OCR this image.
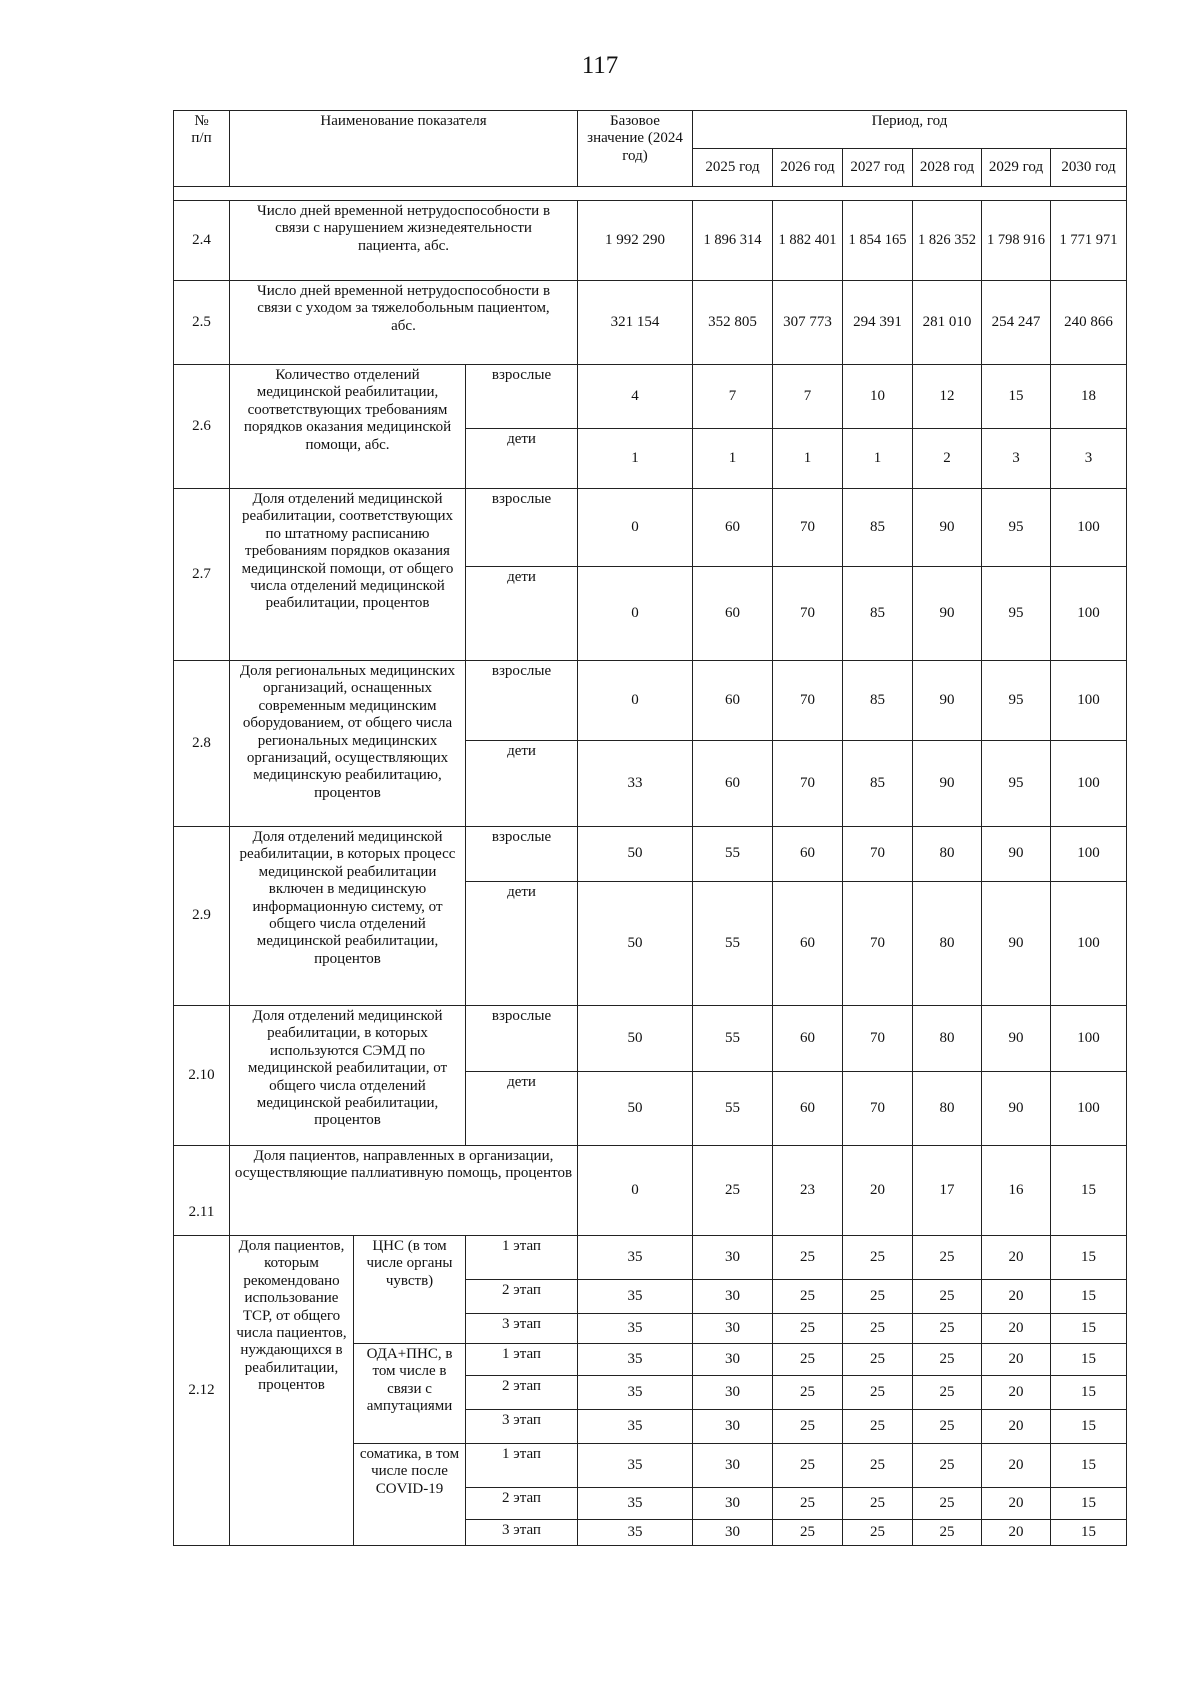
117
№
п/п	Наименование показателя			Базовое значение (2024 год)	Период, год					
					2025 год	2026 год	2027 год	2028 год	2029 год	2030 год

2.4	Число дней временной нетрудоспособности в связи с нарушением жизнедеятельности пациента, абс.			1 992 290	1 896 314	1 882 401	1 854 165	1 826 352	1 798 916	1 771 971
2.5	Число дней временной нетрудоспособности в связи с уходом за тяжелобольным пациентом, абс.			321 154	352 805	307 773	294 391	281 010	254 247	240 866
2.6	Количество отделений медицинской реабилитации, соответствующих требованиям порядков оказания медицинской помощи, абс.		взрослые	4	7	7	10	12	15	18
			дети	1	1	1	1	2	3	3
2.7	Доля отделений медицинской реабилитации, соответствующих по штатному расписанию требованиям порядков оказания медицинской помощи, от общего числа отделений медицинской реабилитации, процентов		взрослые	0	60	70	85	90	95	100
			дети	0	60	70	85	90	95	100
2.8	Доля региональных медицинских организаций, оснащенных современным медицинским оборудованием, от общего числа региональных медицинских организаций, осуществляющих медицинскую реабилитацию, процентов		взрослые	0	60	70	85	90	95	100
			дети	33	60	70	85	90	95	100
2.9	Доля отделений медицинской реабилитации, в которых процесс медицинской реабилитации включен в медицинскую информационную систему, от общего числа отделений медицинской реабилитации, процентов		взрослые	50	55	60	70	80	90	100
			дети	50	55	60	70	80	90	100
2.10	Доля отделений медицинской реабилитации, в которых используются СЭМД по медицинской реабилитации, от общего числа отделений медицинской реабилитации, процентов		взрослые	50	55	60	70	80	90	100
			дети	50	55	60	70	80	90	100
2.11	Доля пациентов, направленных в организации, осуществляющие паллиативную помощь, процентов			0	25	23	20	17	16	15
2.12	Доля пациентов, которым рекомендовано использование ТСР, от общего числа пациентов, нуждающихся в реабилитации, процентов	ЦНС (в том числе органы чувств)	1 этап	35	30	25	25	25	20	15
			2 этап	35	30	25	25	25	20	15
			3 этап	35	30	25	25	25	20	15
		ОДА+ПНС, в том числе в связи с ампутациями	1 этап	35	30	25	25	25	20	15
			2 этап	35	30	25	25	25	20	15
			3 этап	35	30	25	25	25	20	15
		соматика, в том числе после COVID-19	1 этап	35	30	25	25	25	20	15
			2 этап	35	30	25	25	25	20	15
			3 этап	35	30	25	25	25	20	15
